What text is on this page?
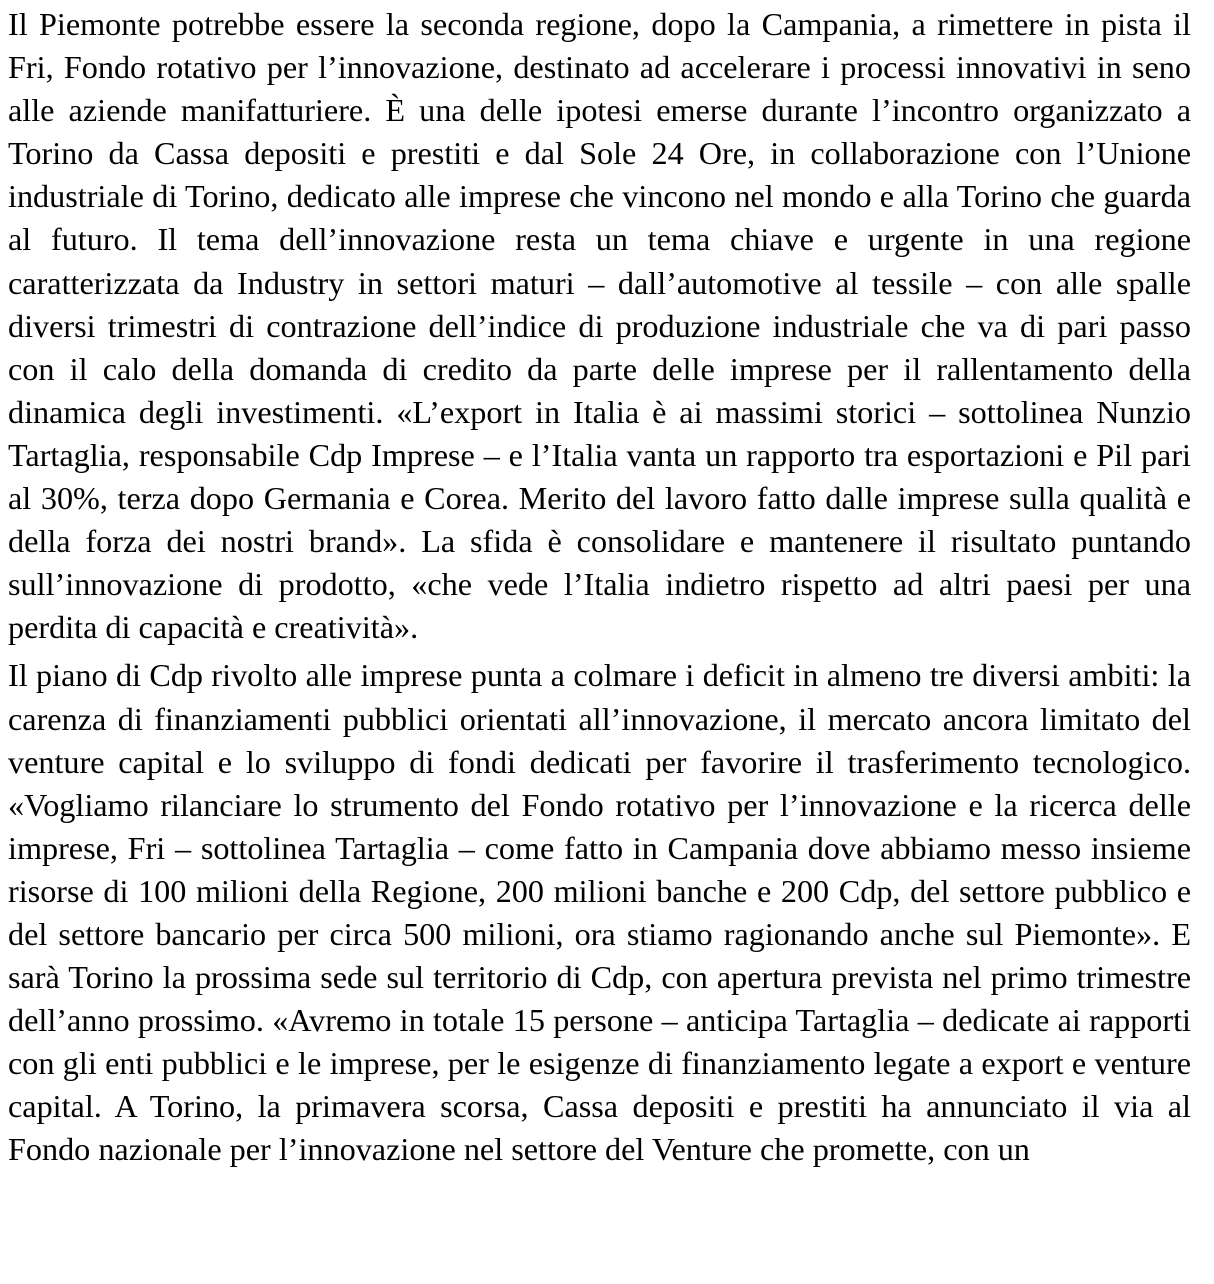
Il Piemonte potrebbe essere la seconda regione, dopo la Campania, a rimettere in pista il Fri, Fondo rotativo per l’innovazione, destinato ad accelerare i processi innovativi in seno alle aziende manifatturiere. È una delle ipotesi emerse durante l’incontro organizzato a Torino da Cassa depositi e prestiti e dal Sole 24 Ore, in collaborazione con l’Unione industriale di Torino, dedicato alle imprese che vincono nel mondo e alla Torino che guarda al futuro. Il tema dell’innovazione resta un tema chiave e urgente in una regione caratterizzata da Industry in settori maturi – dall’automotive al tessile – con alle spalle diversi trimestri di contrazione dell’indice di produzione industriale che va di pari passo con il calo della domanda di credito da parte delle imprese per il rallentamento della dinamica degli investimenti. «L’export in Italia è ai massimi storici – sottolinea Nunzio Tartaglia, responsabile Cdp Imprese – e l’Italia vanta un rapporto tra esportazioni e Pil pari al 30%, terza dopo Germania e Corea. Merito del lavoro fatto dalle imprese sulla qualità e della forza dei nostri brand». La sfida è consolidare e mantenere il risultato puntando sull’innovazione di prodotto, «che vede l’Italia indietro rispetto ad altri paesi per una perdita di capacità e creatività».

Il piano di Cdp rivolto alle imprese punta a colmare i deficit in almeno tre diversi ambiti: la carenza di finanziamenti pubblici orientati all’innovazione, il mercato ancora limitato del venture capital e lo sviluppo di fondi dedicati per favorire il trasferimento tecnologico. «Vogliamo rilanciare lo strumento del Fondo rotativo per l’innovazione e la ricerca delle imprese, Fri – sottolinea Tartaglia – come fatto in Campania dove abbiamo messo insieme risorse di 100 milioni della Regione, 200 milioni banche e 200 Cdp, del settore pubblico e del settore bancario per circa 500 milioni, ora stiamo ragionando anche sul Piemonte». E sarà Torino la prossima sede sul territorio di Cdp, con apertura prevista nel primo trimestre dell’anno prossimo. «Avremo in totale 15 persone – anticipa Tartaglia – dedicate ai rapporti con gli enti pubblici e le imprese, per le esigenze di finanziamento legate a export e venture capital. A Torino, la primavera scorsa, Cassa depositi e prestiti ha annunciato il via al Fondo nazionale per l’innovazione nel settore del Venture che promette, con un
